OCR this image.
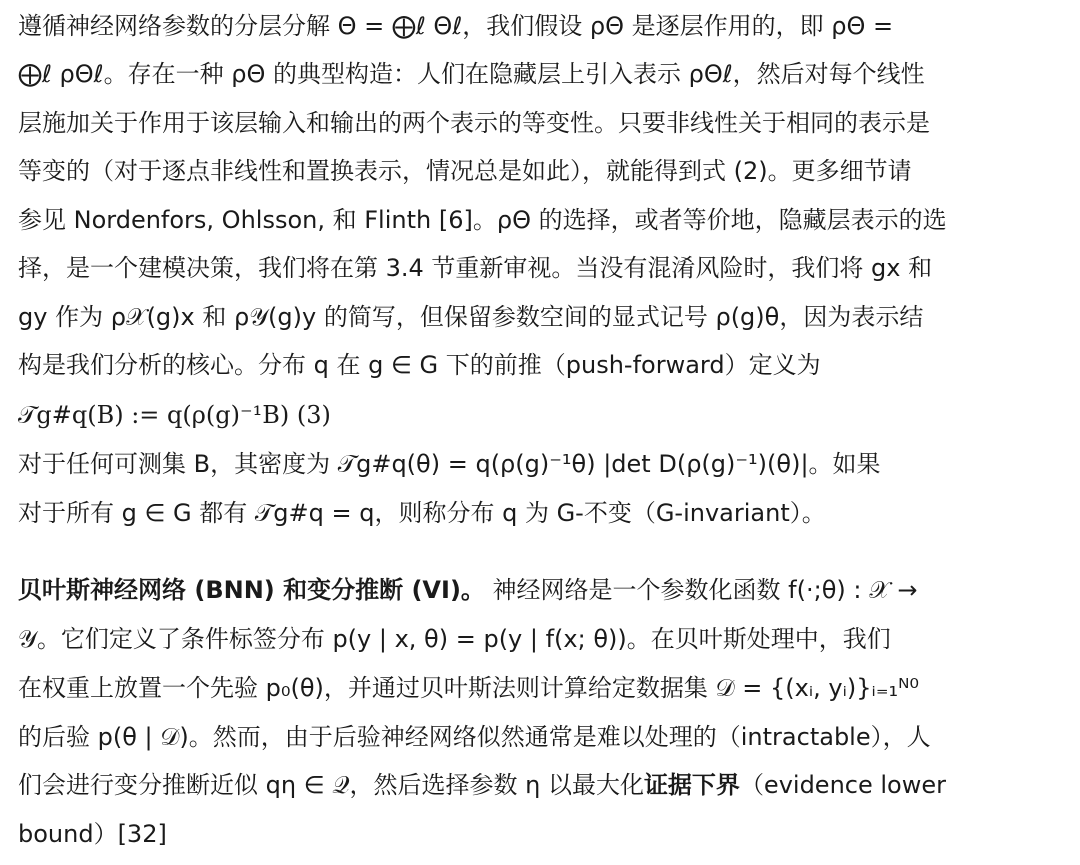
遵循神经网络参数的分层分解 Θ = ⨁ℓ Θℓ，我们假设 ρΘ 是逐层作用的，即 ρΘ =
⨁ℓ ρΘℓ。存在一种 ρΘ 的典型构造：人们在隐藏层上引入表示 ρΘℓ，然后对每个线性
层施加关于作用于该层输入和输出的两个表示的等变性。只要非线性关于相同的表示是
等变的（对于逐点非线性和置换表示，情况总是如此），就能得到式 (2)。更多细节请
参见 Nordenfors, Ohlsson, 和 Flinth [6]。ρΘ 的选择，或者等价地，隐藏层表示的选
择，是一个建模决策，我们将在第 3.4 节重新审视。当没有混淆风险时，我们将 gx 和
gy 作为 ρ𝒳(g)x 和 ρ𝒴(g)y 的简写，但保留参数空间的显式记号 ρ(g)θ，因为表示结
构是我们分析的核心。分布 q 在 g ∈ G 下的前推（push-forward）定义为
𝒯g#q(B) := q(ρ(g)⁻¹B) (3)
对于任何可测集 B，其密度为 𝒯g#q(θ) = q(ρ(g)⁻¹θ) |det D(ρ(g)⁻¹)(θ)|。如果
对于所有 g ∈ G 都有 𝒯g#q = q，则称分布 q 为 G-不变（G-invariant）。
贝叶斯神经网络 (BNN) 和变分推断 (VI)。 神经网络是一个参数化函数 f(·;θ) : 𝒳 →
𝒴。它们定义了条件标签分布 p(y | x, θ) = p(y | f(x; θ))。在贝叶斯处理中，我们
在权重上放置一个先验 p₀(θ)，并通过贝叶斯法则计算给定数据集 𝒟 = {(xᵢ, yᵢ)}ᵢ₌₁ᴺ⁰
的后验 p(θ | 𝒟)。然而，由于后验神经网络似然通常是难以处理的（intractable），人
们会进行变分推断近似 qη ∈ 𝒬，然后选择参数 η 以最大化证据下界（evidence lower
bound）[32]
